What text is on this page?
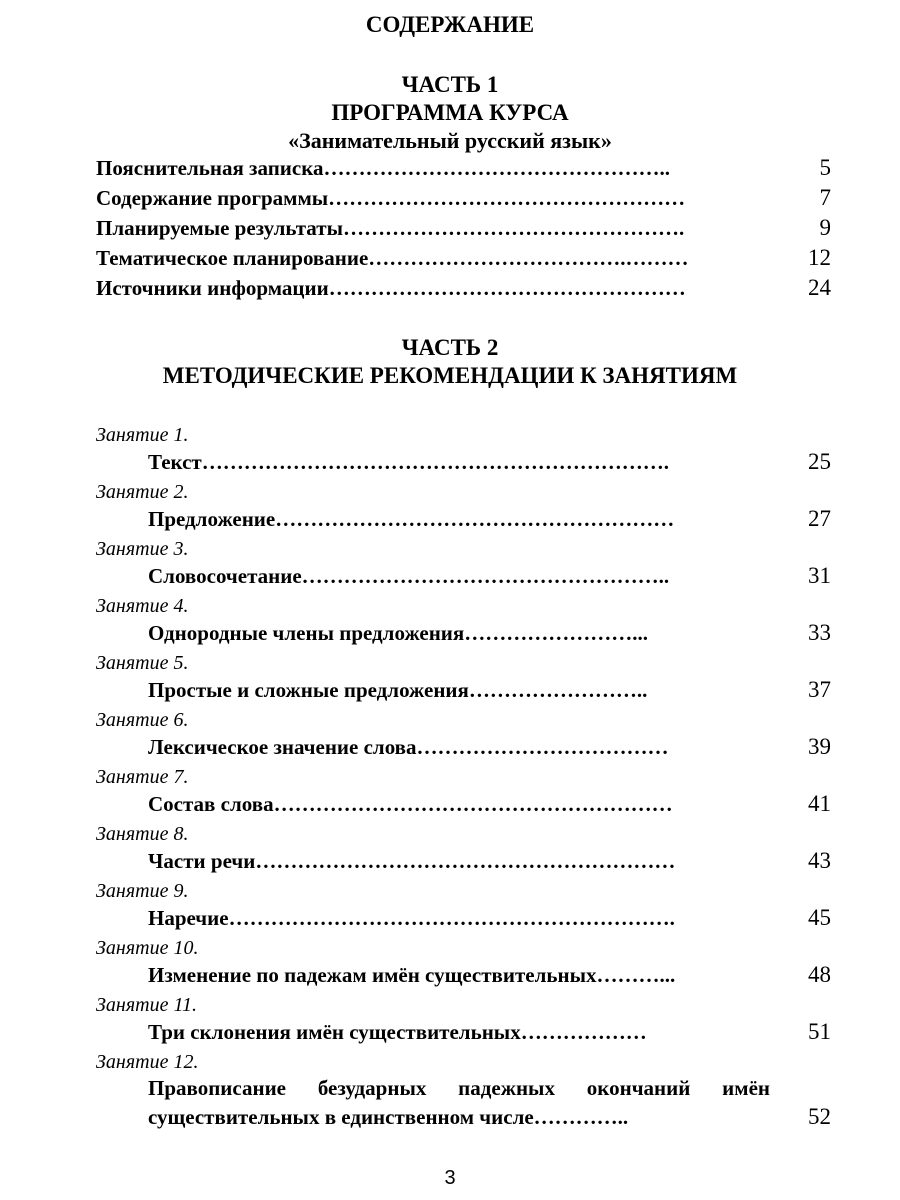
СОДЕРЖАНИЕ
ЧАСТЬ 1
ПРОГРАММА КУРСА
«Занимательный русский язык»
Пояснительная записка…………………………………………..	5
Содержание программы……………………………………………	7
Планируемые результаты………………………………………….	9
Тематическое планирование……………………………….………	12
Источники информации……………………………………………	24
ЧАСТЬ 2
МЕТОДИЧЕСКИЕ РЕКОМЕНДАЦИИ К ЗАНЯТИЯМ
Занятие 1.
Текст………………………………………………………….	25
Занятие 2.
Предложение…………………………………………………	27
Занятие 3.
Словосочетание……………………………………………..	31
Занятие 4.
Однородные члены предложения……………………...	33
Занятие 5.
Простые и сложные предложения……………………..	37
Занятие 6.
Лексическое значение слова………………………………	39
Занятие 7.
Состав слова…………………………………………………	41
Занятие 8.
Части речи……………………………………………………	43
Занятие 9.
Наречие……………………………………………………….	45
Занятие 10.
Изменение по падежам имён существительных………...	48
Занятие 11.
Три склонения имён существительных………………	51
Занятие 12.
Правописание безударных падежных окончаний имён
существительных в единственном числе…………..	52
3
